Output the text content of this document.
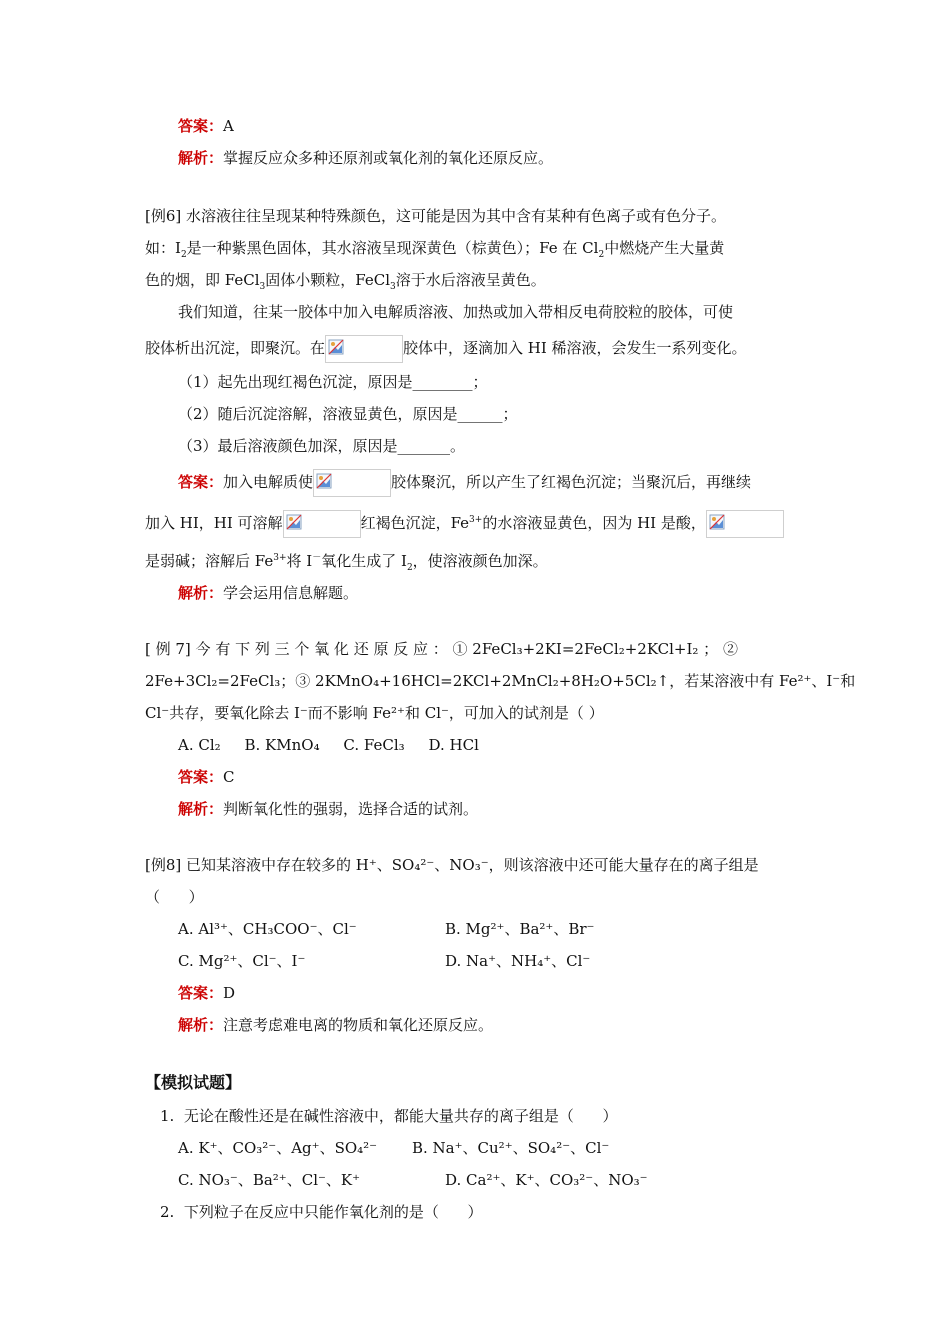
答案：A
解析：掌握反应众多种还原剂或氧化剂的氧化还原反应。
[例6] 水溶液往往呈现某种特殊颜色，这可能是因为其中含有某种有色离子或有色分子。
如：$I_2$是一种紫黑色固体，其水溶液呈现深黄色（棕黄色）；Fe 在 $Cl_2$中燃烧产生大量黄
色的烟，即 FeCl$_3$固体小颗粒，FeCl$_3$溶于水后溶液呈黄色。
我们知道，往某一胶体中加入电解质溶液、加热或加入带相反电荷胶粒的胶体，可使
胶体析出沉淀，即聚沉。在	胶体中，逐滴加入 HI 稀溶液，会发生一系列变化。
（1）起先出现红褐色沉淀，原因是________；
（2）随后沉淀溶解，溶液显黄色，原因是______；
（3）最后溶液颜色加深，原因是_______。
答案：加入电解质使	胶体聚沉，所以产生了红褐色沉淀；当聚沉后，再继续
加入 HI，HI 可溶解	红褐色沉淀，$Fe^{3+}$的水溶液显黄色，因为 HI 是酸，
是弱碱；溶解后 $Fe^{3+}$将 I－氧化生成了 $I_2$，使溶液颜色加深。
解析：学会运用信息解题。
[ 例 7] 今 有 下 列 三 个 氧 化 还 原 反 应 ： ① 2FeCl₃+2KI=2FeCl₂+2KCl+I₂ ； ②
2Fe+3Cl₂=2FeCl₃；③ 2KMnO₄+16HCl=2KCl+2MnCl₂+8H₂O+5Cl₂↑，若某溶液中有 Fe²⁺、I⁻和
Cl⁻共存，要氧化除去 I⁻而不影响 Fe²⁺和 Cl⁻，可加入的试剂是（ ）
A. Cl₂     B. KMnO₄     C. FeCl₃     D. HCl
答案：C
解析：判断氧化性的强弱，选择合适的试剂。
[例8] 已知某溶液中存在较多的 H⁺、SO₄²⁻、NO₃⁻，则该溶液中还可能大量存在的离子组是
（      ）
A. Al³⁺、CH₃COO⁻、Cl⁻	B. Mg²⁺、Ba²⁺、Br⁻
C. Mg²⁺、Cl⁻、I⁻	D. Na⁺、NH₄⁺、Cl⁻
答案：D
解析：注意考虑难电离的物质和氧化还原反应。
【模拟试题】
1.  无论在酸性还是在碱性溶液中，都能大量共存的离子组是（      ）
A. K⁺、CO₃²⁻、Ag⁺、SO₄²⁻ B. Na⁺、Cu²⁺、SO₄²⁻、Cl⁻
C. NO₃⁻、Ba²⁺、Cl⁻、K⁺	D. Ca²⁺、K⁺、CO₃²⁻、NO₃⁻
2.  下列粒子在反应中只能作氧化剂的是（      ）
